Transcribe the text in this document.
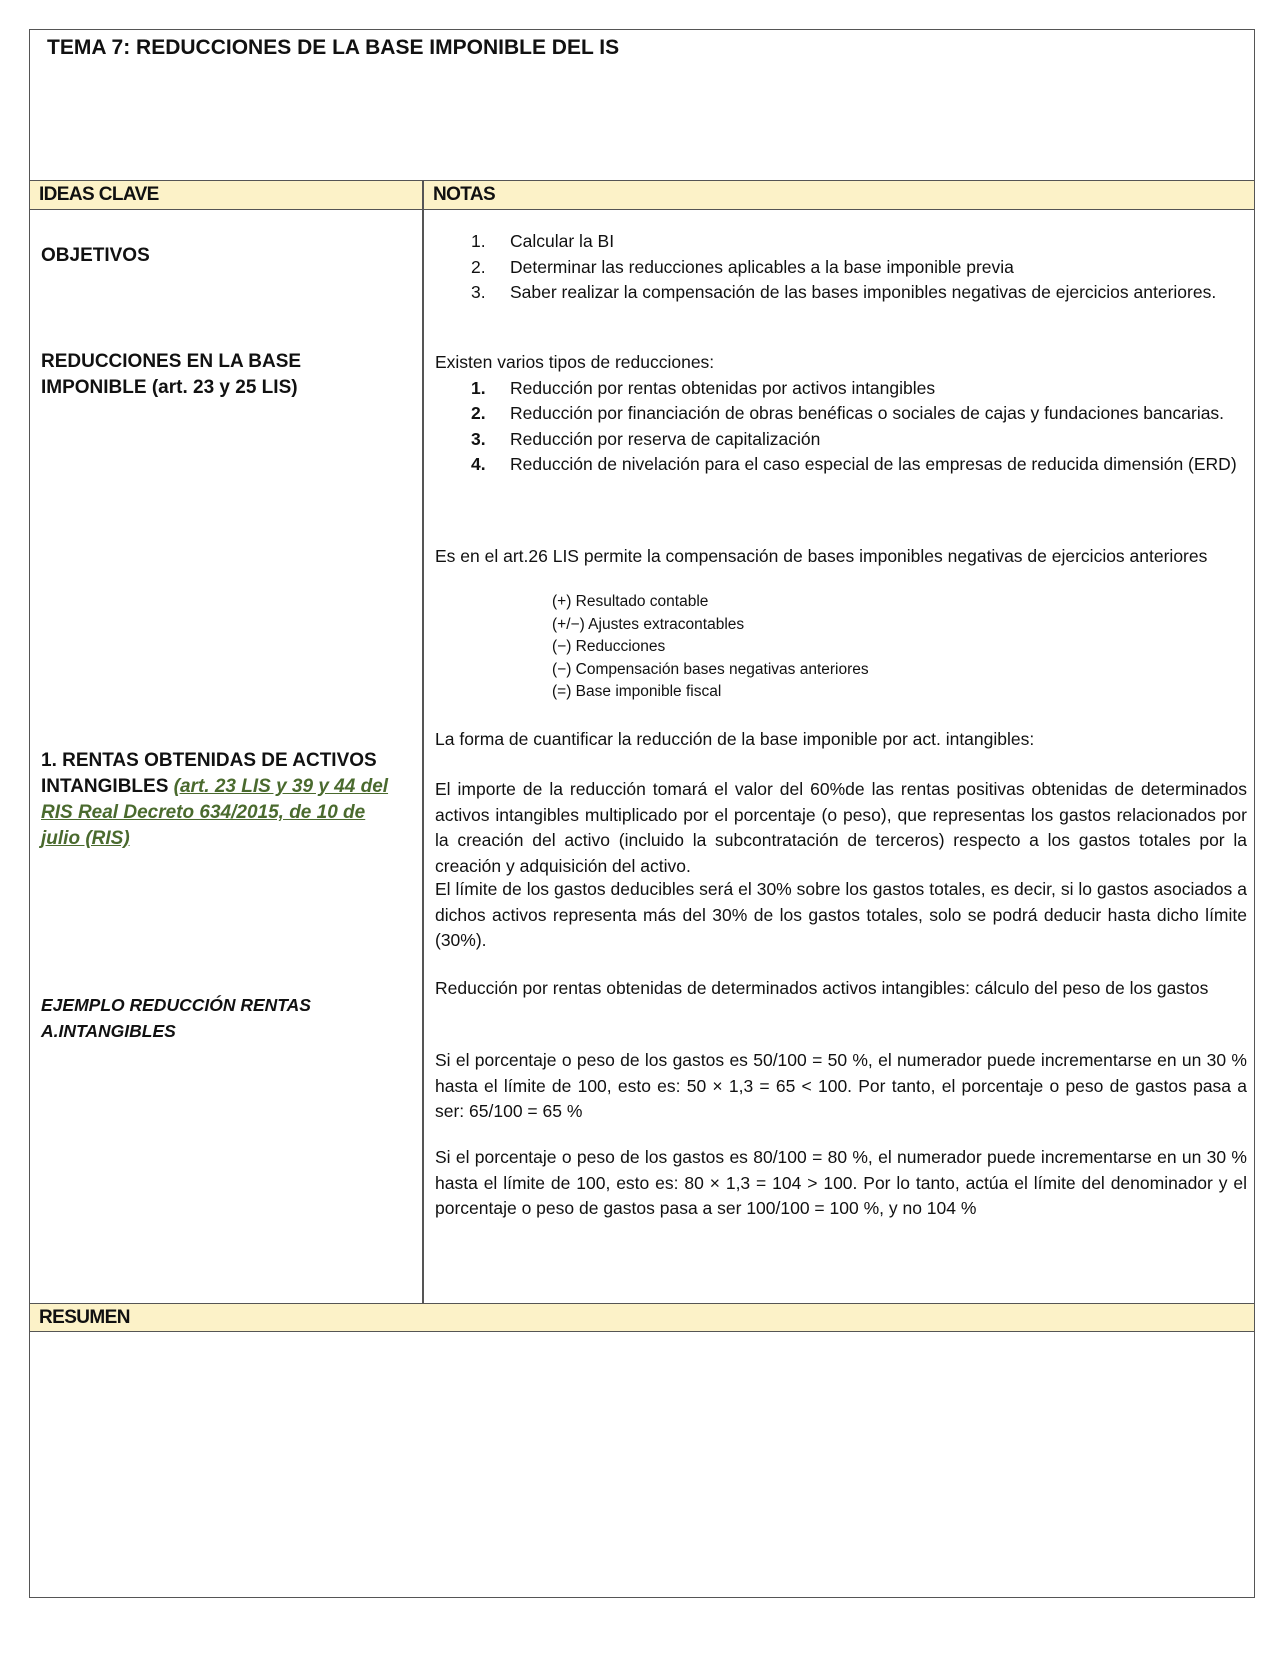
TEMA 7: REDUCCIONES DE LA BASE IMPONIBLE DEL IS
IDEAS CLAVE	NOTAS
OBJETIVOS
REDUCCIONES EN LA BASE IMPONIBLE (art. 23 y 25 LIS)
1. RENTAS OBTENIDAS DE ACTIVOS INTANGIBLES (art. 23 LIS y 39 y 44 del RIS Real Decreto 634/2015, de 10 de julio (RIS)
EJEMPLO REDUCCIÓN RENTAS A.INTANGIBLES
1. Calcular la BI
2. Determinar las reducciones aplicables a la base imponible previa
3. Saber realizar la compensación de las bases imponibles negativas de ejercicios anteriores.
Existen varios tipos de reducciones:
1. Reducción por rentas obtenidas por activos intangibles
2. Reducción por financiación de obras benéficas o sociales de cajas y fundaciones bancarias.
3. Reducción por reserva de capitalización
4. Reducción de nivelación para el caso especial de las empresas de reducida dimensión (ERD)
Es en el art.26 LIS permite la compensación de bases imponibles negativas de ejercicios anteriores
(+) Resultado contable
(+/−) Ajustes extracontables
(−) Reducciones
(−) Compensación bases negativas anteriores
(=) Base imponible fiscal
La forma de cuantificar la reducción de la base imponible por act. intangibles:
El importe de la reducción tomará el valor del 60%de las rentas positivas obtenidas de determinados activos intangibles multiplicado por el porcentaje (o peso), que representas los gastos relacionados por la creación del activo (incluido la subcontratación de terceros) respecto a los gastos totales por la creación y adquisición del activo.
El límite de los gastos deducibles será el 30% sobre los gastos totales, es decir, si lo gastos asociados a dichos activos representa más del 30% de los gastos totales, solo se podrá deducir hasta dicho límite (30%).
Reducción por rentas obtenidas de determinados activos intangibles: cálculo del peso de los gastos
Si el porcentaje o peso de los gastos es 50/100 = 50 %, el numerador puede incrementarse en un 30 % hasta el límite de 100, esto es: 50 × 1,3 = 65 < 100. Por tanto, el porcentaje o peso de gastos pasa a ser: 65/100 = 65 %
Si el porcentaje o peso de los gastos es 80/100 = 80 %, el numerador puede incrementarse en un 30 % hasta el límite de 100, esto es: 80 × 1,3 = 104 > 100. Por lo tanto, actúa el límite del denominador y el porcentaje o peso de gastos pasa a ser 100/100 = 100 %, y no 104 %
RESUMEN
